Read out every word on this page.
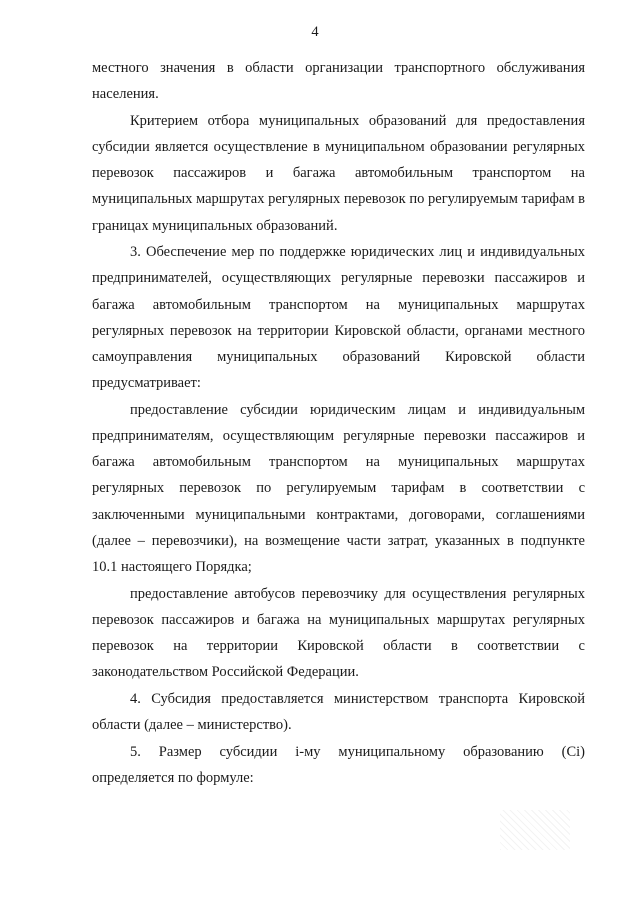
4

местного значения в области организации транспортного обслуживания населения.

Критерием отбора муниципальных образований для предоставления субсидии является осуществление в муниципальном образовании регулярных перевозок пассажиров и багажа автомобильным транспортом на муниципальных маршрутах регулярных перевозок по регулируемым тарифам в границах муниципальных образований.

3. Обеспечение мер по поддержке юридических лиц и индивидуальных предпринимателей, осуществляющих регулярные перевозки пассажиров и багажа автомобильным транспортом на муниципальных маршрутах регулярных перевозок на территории Кировской области, органами местного самоуправления муниципальных образований Кировской области предусматривает:

предоставление субсидии юридическим лицам и индивидуальным предпринимателям, осуществляющим регулярные перевозки пассажиров и багажа автомобильным транспортом на муниципальных маршрутах регулярных перевозок по регулируемым тарифам в соответствии с заключенными муниципальными контрактами, договорами, соглашениями (далее – перевозчики), на возмещение части затрат, указанных в подпункте 10.1 настоящего Порядка;

предоставление автобусов перевозчику для осуществления регулярных перевозок пассажиров и багажа на муниципальных маршрутах регулярных перевозок на территории Кировской области в соответствии с законодательством Российской Федерации.

4. Субсидия предоставляется министерством транспорта Кировской области (далее – министерство).

5. Размер субсидии i-му муниципальному образованию (Ci) определяется по формуле:
